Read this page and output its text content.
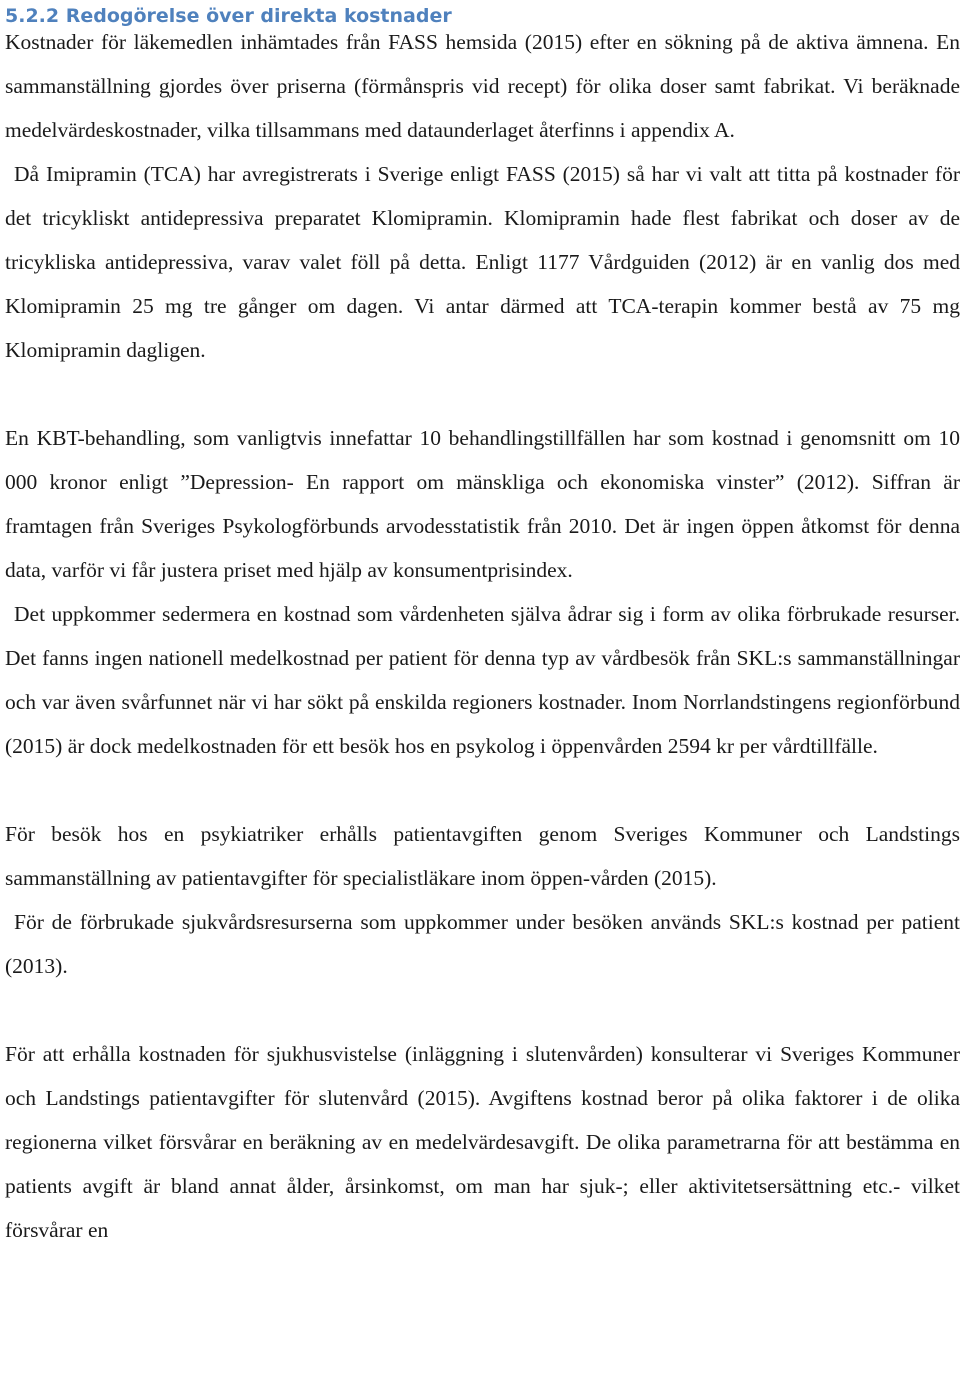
5.2.2 Redogörelse över direkta kostnader

Kostnader för läkemedlen inhämtades från FASS hemsida (2015) efter en sökning på de aktiva ämnena. En sammanställning gjordes över priserna (förmånspris vid recept) för olika doser samt fabrikat. Vi beräknade medelvärdeskostnader, vilka tillsammans med dataunderlaget återfinns i appendix A.

Då Imipramin (TCA) har avregistrerats i Sverige enligt FASS (2015) så har vi valt att titta på kostnader för det tricykliskt antidepressiva preparatet Klomipramin. Klomipramin hade flest fabrikat och doser av de tricykliska antidepressiva, varav valet föll på detta. Enligt 1177 Vårdguiden (2012) är en vanlig dos med Klomipramin 25 mg tre gånger om dagen. Vi antar därmed att TCA-terapin kommer bestå av 75 mg Klomipramin dagligen.

En KBT-behandling, som vanligtvis innefattar 10 behandlingstillfällen har som kostnad i genomsnitt om 10 000 kronor enligt ”Depression- En rapport om mänskliga och ekonomiska vinster” (2012). Siffran är framtagen från Sveriges Psykologförbunds arvodesstatistik från 2010. Det är ingen öppen åtkomst för denna data, varför vi får justera priset med hjälp av konsumentprisindex.

Det uppkommer sedermera en kostnad som vårdenheten själva ådrar sig i form av olika förbrukade resurser. Det fanns ingen nationell medelkostnad per patient för denna typ av vårdbesök från SKL:s sammanställningar och var även svårfunnet när vi har sökt på enskilda regioners kostnader. Inom Norrlandstingens regionförbund (2015) är dock medelkostnaden för ett besök hos en psykolog i öppenvården 2594 kr per vårdtillfälle.

För besök hos en psykiatriker erhålls patientavgiften genom Sveriges Kommuner och Landstings sammanställning av patientavgifter för specialistläkare inom öppen-vården (2015).

För de förbrukade sjukvårdsresurserna som uppkommer under besöken används SKL:s kostnad per patient (2013).

För att erhålla kostnaden för sjukhusvistelse (inläggning i slutenvården) konsulterar vi Sveriges Kommuner och Landstings patientavgifter för slutenvård (2015). Avgiftens kostnad beror på olika faktorer i de olika regionerna vilket försvårar en beräkning av en medelvärdesavgift. De olika parametrarna för att bestämma en patients avgift är bland annat ålder, årsinkomst, om man har sjuk-; eller aktivitetsersättning etc.- vilket försvårar en
